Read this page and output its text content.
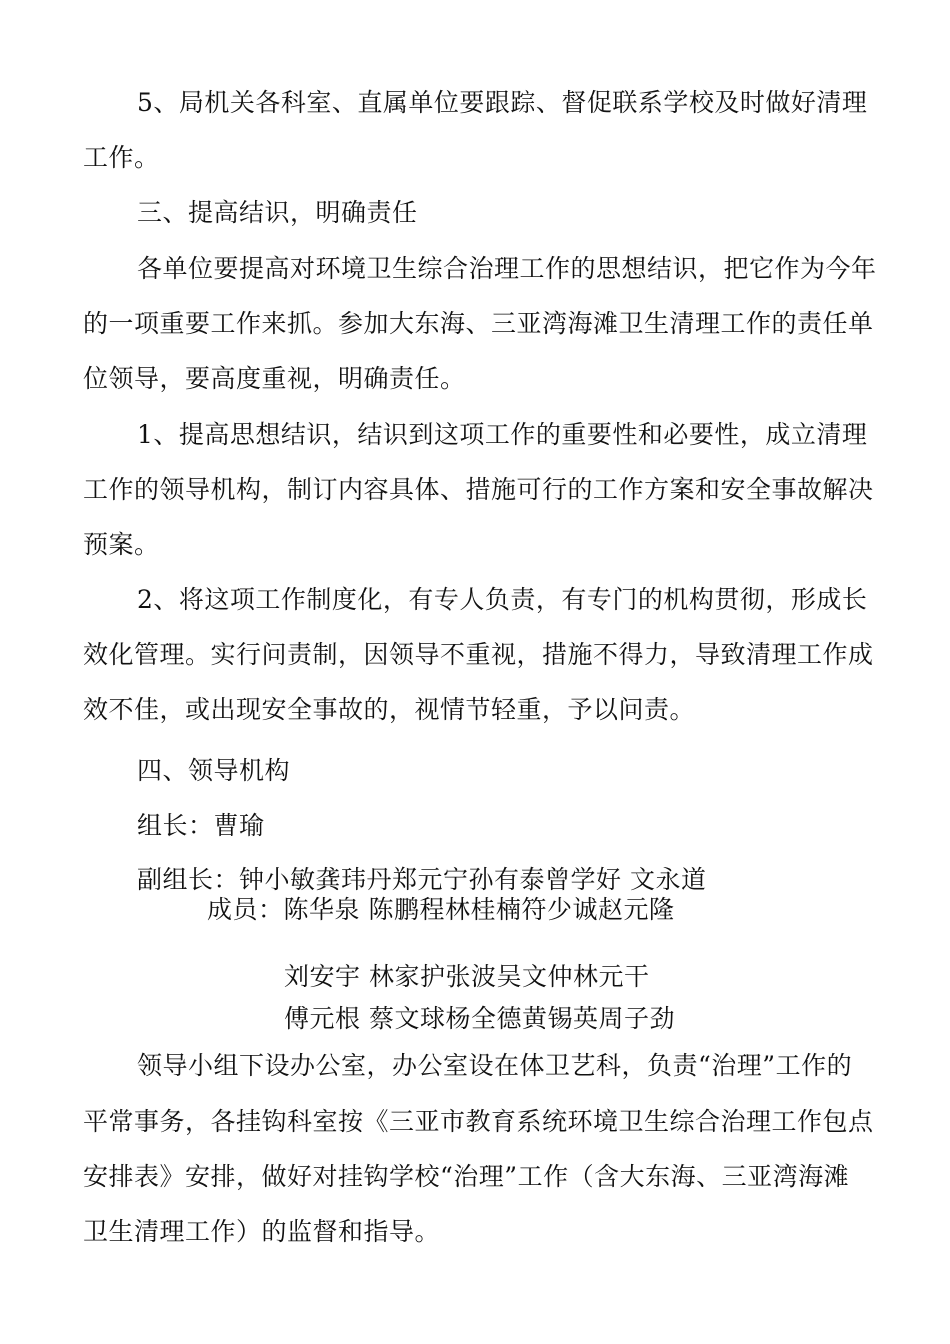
5、局机关各科室、直属单位要跟踪、督促联系学校及时做好清理
工作。
三、提高结识，明确责任
各单位要提高对环境卫生综合治理工作的思想结识，把它作为今年
的一项重要工作来抓。参加大东海、三亚湾海滩卫生清理工作的责任单
位领导，要高度重视，明确责任。
1、提高思想结识，结识到这项工作的重要性和必要性，成立清理
工作的领导机构，制订内容具体、措施可行的工作方案和安全事故解决
预案。
2、将这项工作制度化，有专人负责，有专门的机构贯彻，形成长
效化管理。实行问责制，因领导不重视，措施不得力，导致清理工作成
效不佳，或出现安全事故的，视情节轻重，予以问责。
四、领导机构
组长：曹瑜
副组长：钟小敏龚玮丹郑元宁孙有泰曾学好 文永道
成员：陈华泉 陈鹏程林桂楠符少诚赵元隆
刘安宇 林家护张波吴文仲林元干
傅元根 蔡文球杨全德黄锡英周子劲
领导小组下设办公室，办公室设在体卫艺科，负责“治理”工作的
平常事务，各挂钩科室按《三亚市教育系统环境卫生综合治理工作包点
安排表》安排，做好对挂钩学校“治理”工作（含大东海、三亚湾海滩
卫生清理工作）的监督和指导。
